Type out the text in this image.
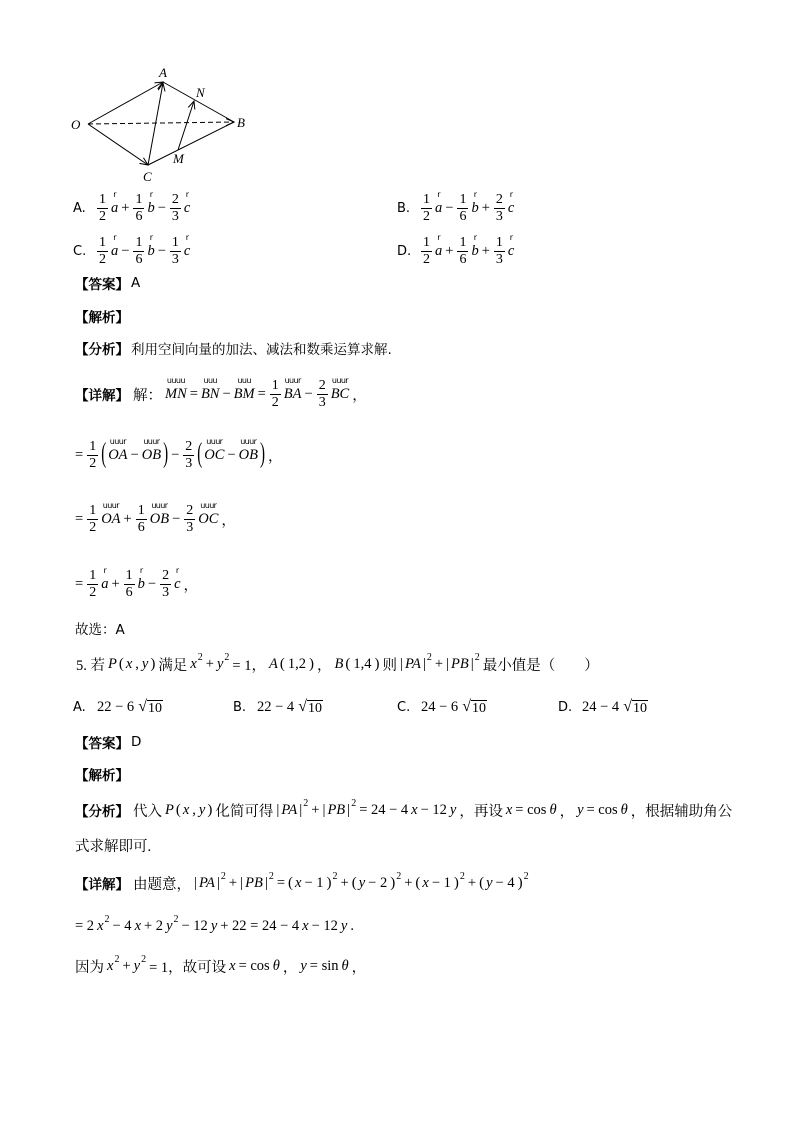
O
A
N
B
C
M
A. $\frac{1}{2}$ r
$a + \frac{1}{6}$ r
$b - \frac{2}{3}$ r
c	B. $\frac{1}{2}$ r
$a - \frac{1}{6}$ r
$b + \frac{2}{3}$ r
c
C. $\frac{1}{2}$ r
$a - \frac{1}{6}$ r
$b - \frac{1}{3}$ r
c	D. $\frac{1}{2}$ r
$a + \frac{1}{6}$ r
$b + \frac{1}{3}$ r
c
【答案】 A
【解析】
【分析】 利用空间向量的加法、减法和数乘运算求解.
【详解】 解：
uuuu
MN =
uuu
BN −
uuu
BM = $\frac{1}{2}$ uuur
BA − $\frac{2}{3}$ uuur
BC ，
= $\frac{1}{2}$ ( uuur
OA −
uuur
OB ) − $\frac{2}{3}$ ( uuur
OC −
uuur
OB ) ，
= $\frac{1}{2}$ uuur
OA + $\frac{1}{6}$ uuur
OB − $\frac{2}{3}$ uuur
OC ，
= $\frac{1}{2}$ r
$a + \frac{1}{6}$ r
$b - \frac{2}{3}$ r
c ，
故选：A
5. 若 P ( x , y ) 满足 x 2 + y 2
= 1， A ( 1,2 ) ， B ( 1,4 ) 则 | PA | 2 + | PB | 2
最小值是（　　）
A. 22 − 6 √ 10	B. 22 − 4 √ 10	C. 24 − 6 √ 10	D. 24 − 4 √ 10
【答案】 D
【解析】
【分析】 代入 P ( x , y ) 化简可得 | PA | 2 + | PB | 2 = 24 − 4 x − 12 y ，再设 x = cos θ ， y = cos θ ，根据辅助角公
式求解即可.
【详解】 由题意， | PA | 2 + | PB | 2 = ( x − 1 ) 2 + ( y − 2 ) 2 + ( x − 1 ) 2 + ( y − 4 ) 2
= 2 x 2 − 4 x + 2 y 2 − 12 y + 22 = 24 − 4 x − 12 y .
因为 x 2 + y 2
= 1，故可设 x = cos θ ， y = sin θ ，
